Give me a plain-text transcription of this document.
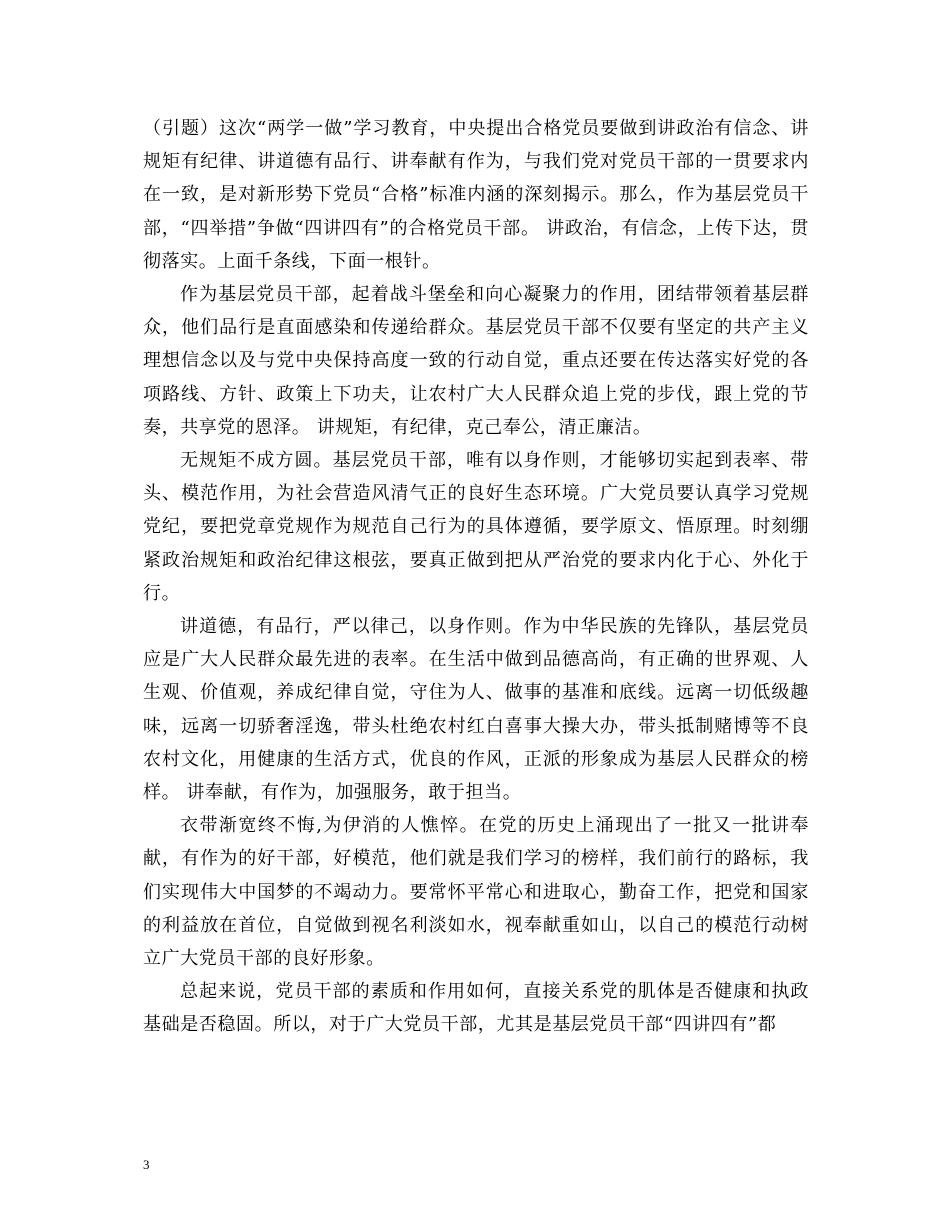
（引题）这次“两学一做”学习教育，中央提出合格党员要做到讲政治有信念、讲规矩有纪律、讲道德有品行、讲奉献有作为，与我们党对党员干部的一贯要求内在一致，是对新形势下党员“合格”标准内涵的深刻揭示。那么，作为基层党员干部，“四举措”争做“四讲四有”的合格党员干部。 讲政治，有信念，上传下达，贯彻落实。上面千条线，下面一根针。

作为基层党员干部，起着战斗堡垒和向心凝聚力的作用，团结带领着基层群众，他们品行是直面感染和传递给群众。基层党员干部不仅要有坚定的共产主义理想信念以及与党中央保持高度一致的行动自觉，重点还要在传达落实好党的各项路线、方针、政策上下功夫，让农村广大人民群众追上党的步伐，跟上党的节奏，共享党的恩泽。 讲规矩，有纪律，克己奉公，清正廉洁。

无规矩不成方圆。基层党员干部，唯有以身作则，才能够切实起到表率、带头、模范作用，为社会营造风清气正的良好生态环境。广大党员要认真学习党规党纪，要把党章党规作为规范自己行为的具体遵循，要学原文、悟原理。时刻绷紧政治规矩和政治纪律这根弦，要真正做到把从严治党的要求内化于心、外化于行。

讲道德，有品行，严以律己，以身作则。作为中华民族的先锋队，基层党员应是广大人民群众最先进的表率。在生活中做到品德高尚，有正确的世界观、人生观、价值观，养成纪律自觉，守住为人、做事的基准和底线。远离一切低级趣味，远离一切骄奢淫逸，带头杜绝农村红白喜事大操大办，带头抵制赌博等不良农村文化，用健康的生活方式，优良的作风，正派的形象成为基层人民群众的榜样。 讲奉献，有作为，加强服务，敢于担当。

衣带渐宽终不悔,为伊消的人憔悴。在党的历史上涌现出了一批又一批讲奉献，有作为的好干部，好模范，他们就是我们学习的榜样，我们前行的路标，我们实现伟大中国梦的不竭动力。要常怀平常心和进取心，勤奋工作，把党和国家的利益放在首位，自觉做到视名利淡如水，视奉献重如山，以自己的模范行动树立广大党员干部的良好形象。

总起来说，党员干部的素质和作用如何，直接关系党的肌体是否健康和执政基础是否稳固。所以，对于广大党员干部，尤其是基层党员干部“四讲四有”都

3
